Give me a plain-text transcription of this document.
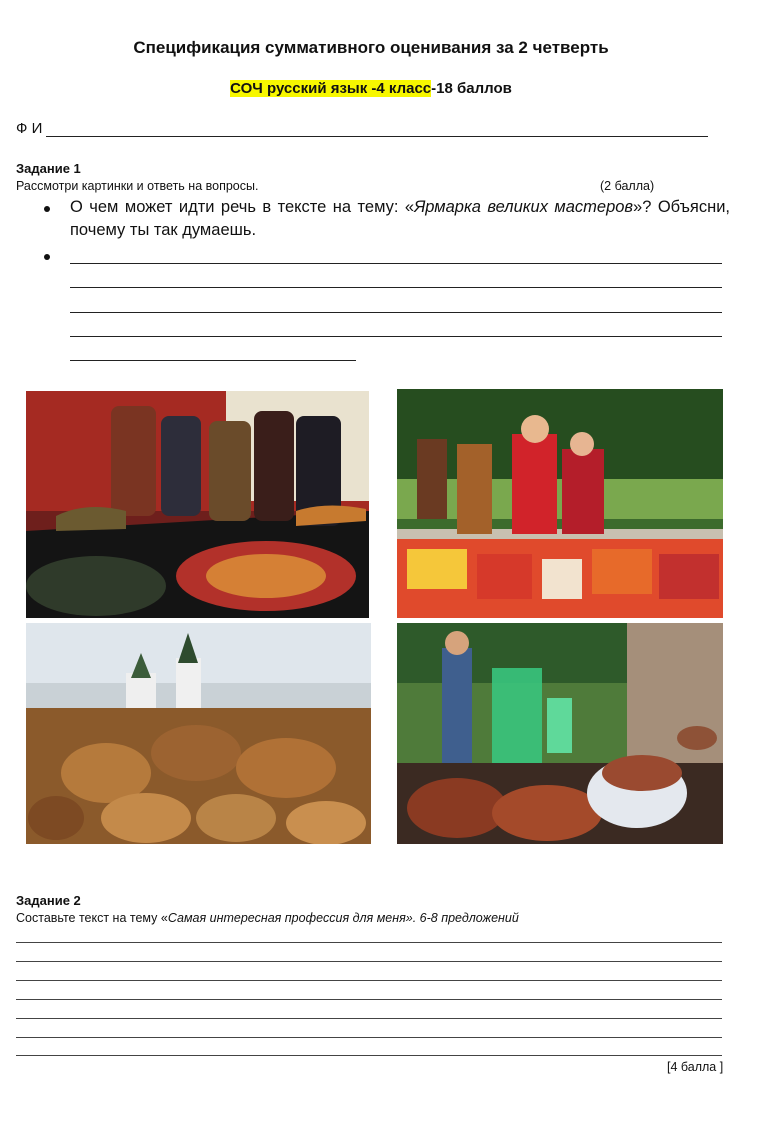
Спецификация суммативного оценивания за 2 четверть
СОЧ русский язык -4 класс-18 баллов
Ф И
Задание 1
Рассмотри картинки и ответь на вопросы.	(2 балла)
О чем может идти речь в тексте на тему: «Ярмарка великих мастеров»? Объясни, почему ты так думаешь.
Задание 2
Составьте текст на тему «Самая интересная профессия для меня». 6-8 предложений
[4 балла ]
